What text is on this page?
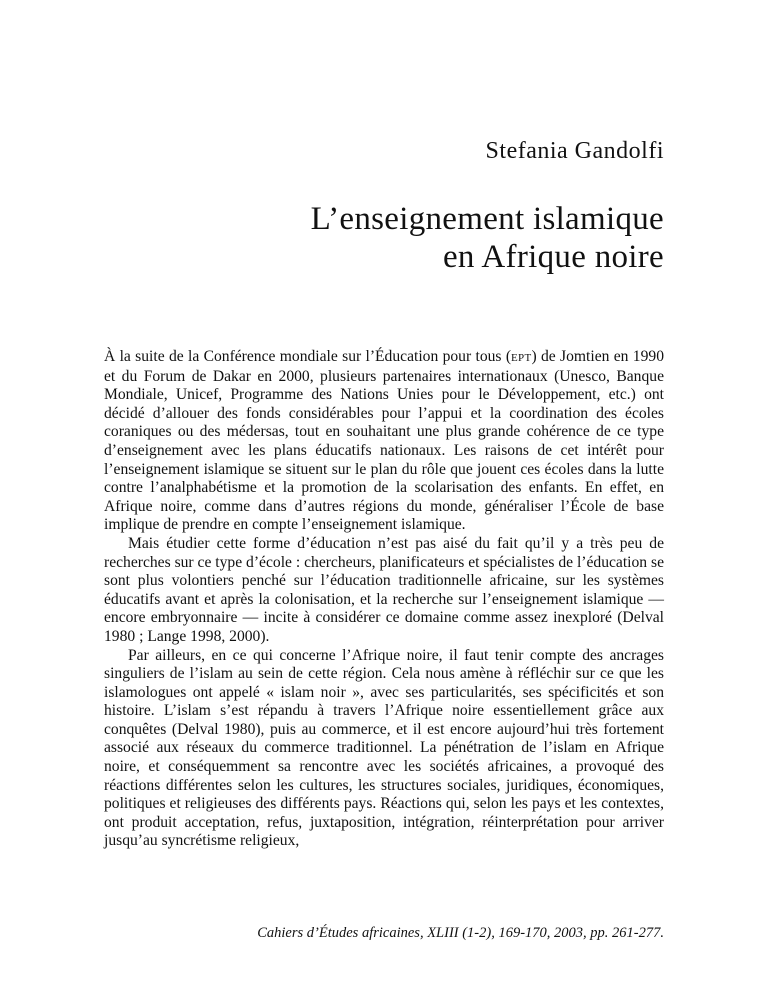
Stefania Gandolfi
L’enseignement islamique
en Afrique noire

À la suite de la Conférence mondiale sur l’Éducation pour tous (EPT) de Jomtien en 1990 et du Forum de Dakar en 2000, plusieurs partenaires internationaux (Unesco, Banque Mondiale, Unicef, Programme des Nations Unies pour le Développement, etc.) ont décidé d’allouer des fonds considérables pour l’appui et la coordination des écoles coraniques ou des médersas, tout en souhaitant une plus grande cohérence de ce type d’enseignement avec les plans éducatifs nationaux. Les raisons de cet intérêt pour l’enseignement islamique se situent sur le plan du rôle que jouent ces écoles dans la lutte contre l’analphabétisme et la promotion de la scolarisation des enfants. En effet, en Afrique noire, comme dans d’autres régions du monde, généraliser l’École de base implique de prendre en compte l’enseignement islamique.

Mais étudier cette forme d’éducation n’est pas aisé du fait qu’il y a très peu de recherches sur ce type d’école : chercheurs, planificateurs et spécialistes de l’éducation se sont plus volontiers penché sur l’éducation traditionnelle africaine, sur les systèmes éducatifs avant et après la colonisation, et la recherche sur l’enseignement islamique — encore embryonnaire — incite à considérer ce domaine comme assez inexploré (Delval 1980 ; Lange 1998, 2000).

Par ailleurs, en ce qui concerne l’Afrique noire, il faut tenir compte des ancrages singuliers de l’islam au sein de cette région. Cela nous amène à réfléchir sur ce que les islamologues ont appelé « islam noir », avec ses particularités, ses spécificités et son histoire. L’islam s’est répandu à travers l’Afrique noire essentiellement grâce aux conquêtes (Delval 1980), puis au commerce, et il est encore aujourd’hui très fortement associé aux réseaux du commerce traditionnel. La pénétration de l’islam en Afrique noire, et conséquemment sa rencontre avec les sociétés africaines, a provoqué des réactions différentes selon les cultures, les structures sociales, juridiques, économiques, politiques et religieuses des différents pays. Réactions qui, selon les pays et les contextes, ont produit acceptation, refus, juxtaposition, intégration, réinterprétation pour arriver jusqu’au syncrétisme religieux,

Cahiers d’Études africaines, XLIII (1-2), 169-170, 2003, pp. 261-277.
